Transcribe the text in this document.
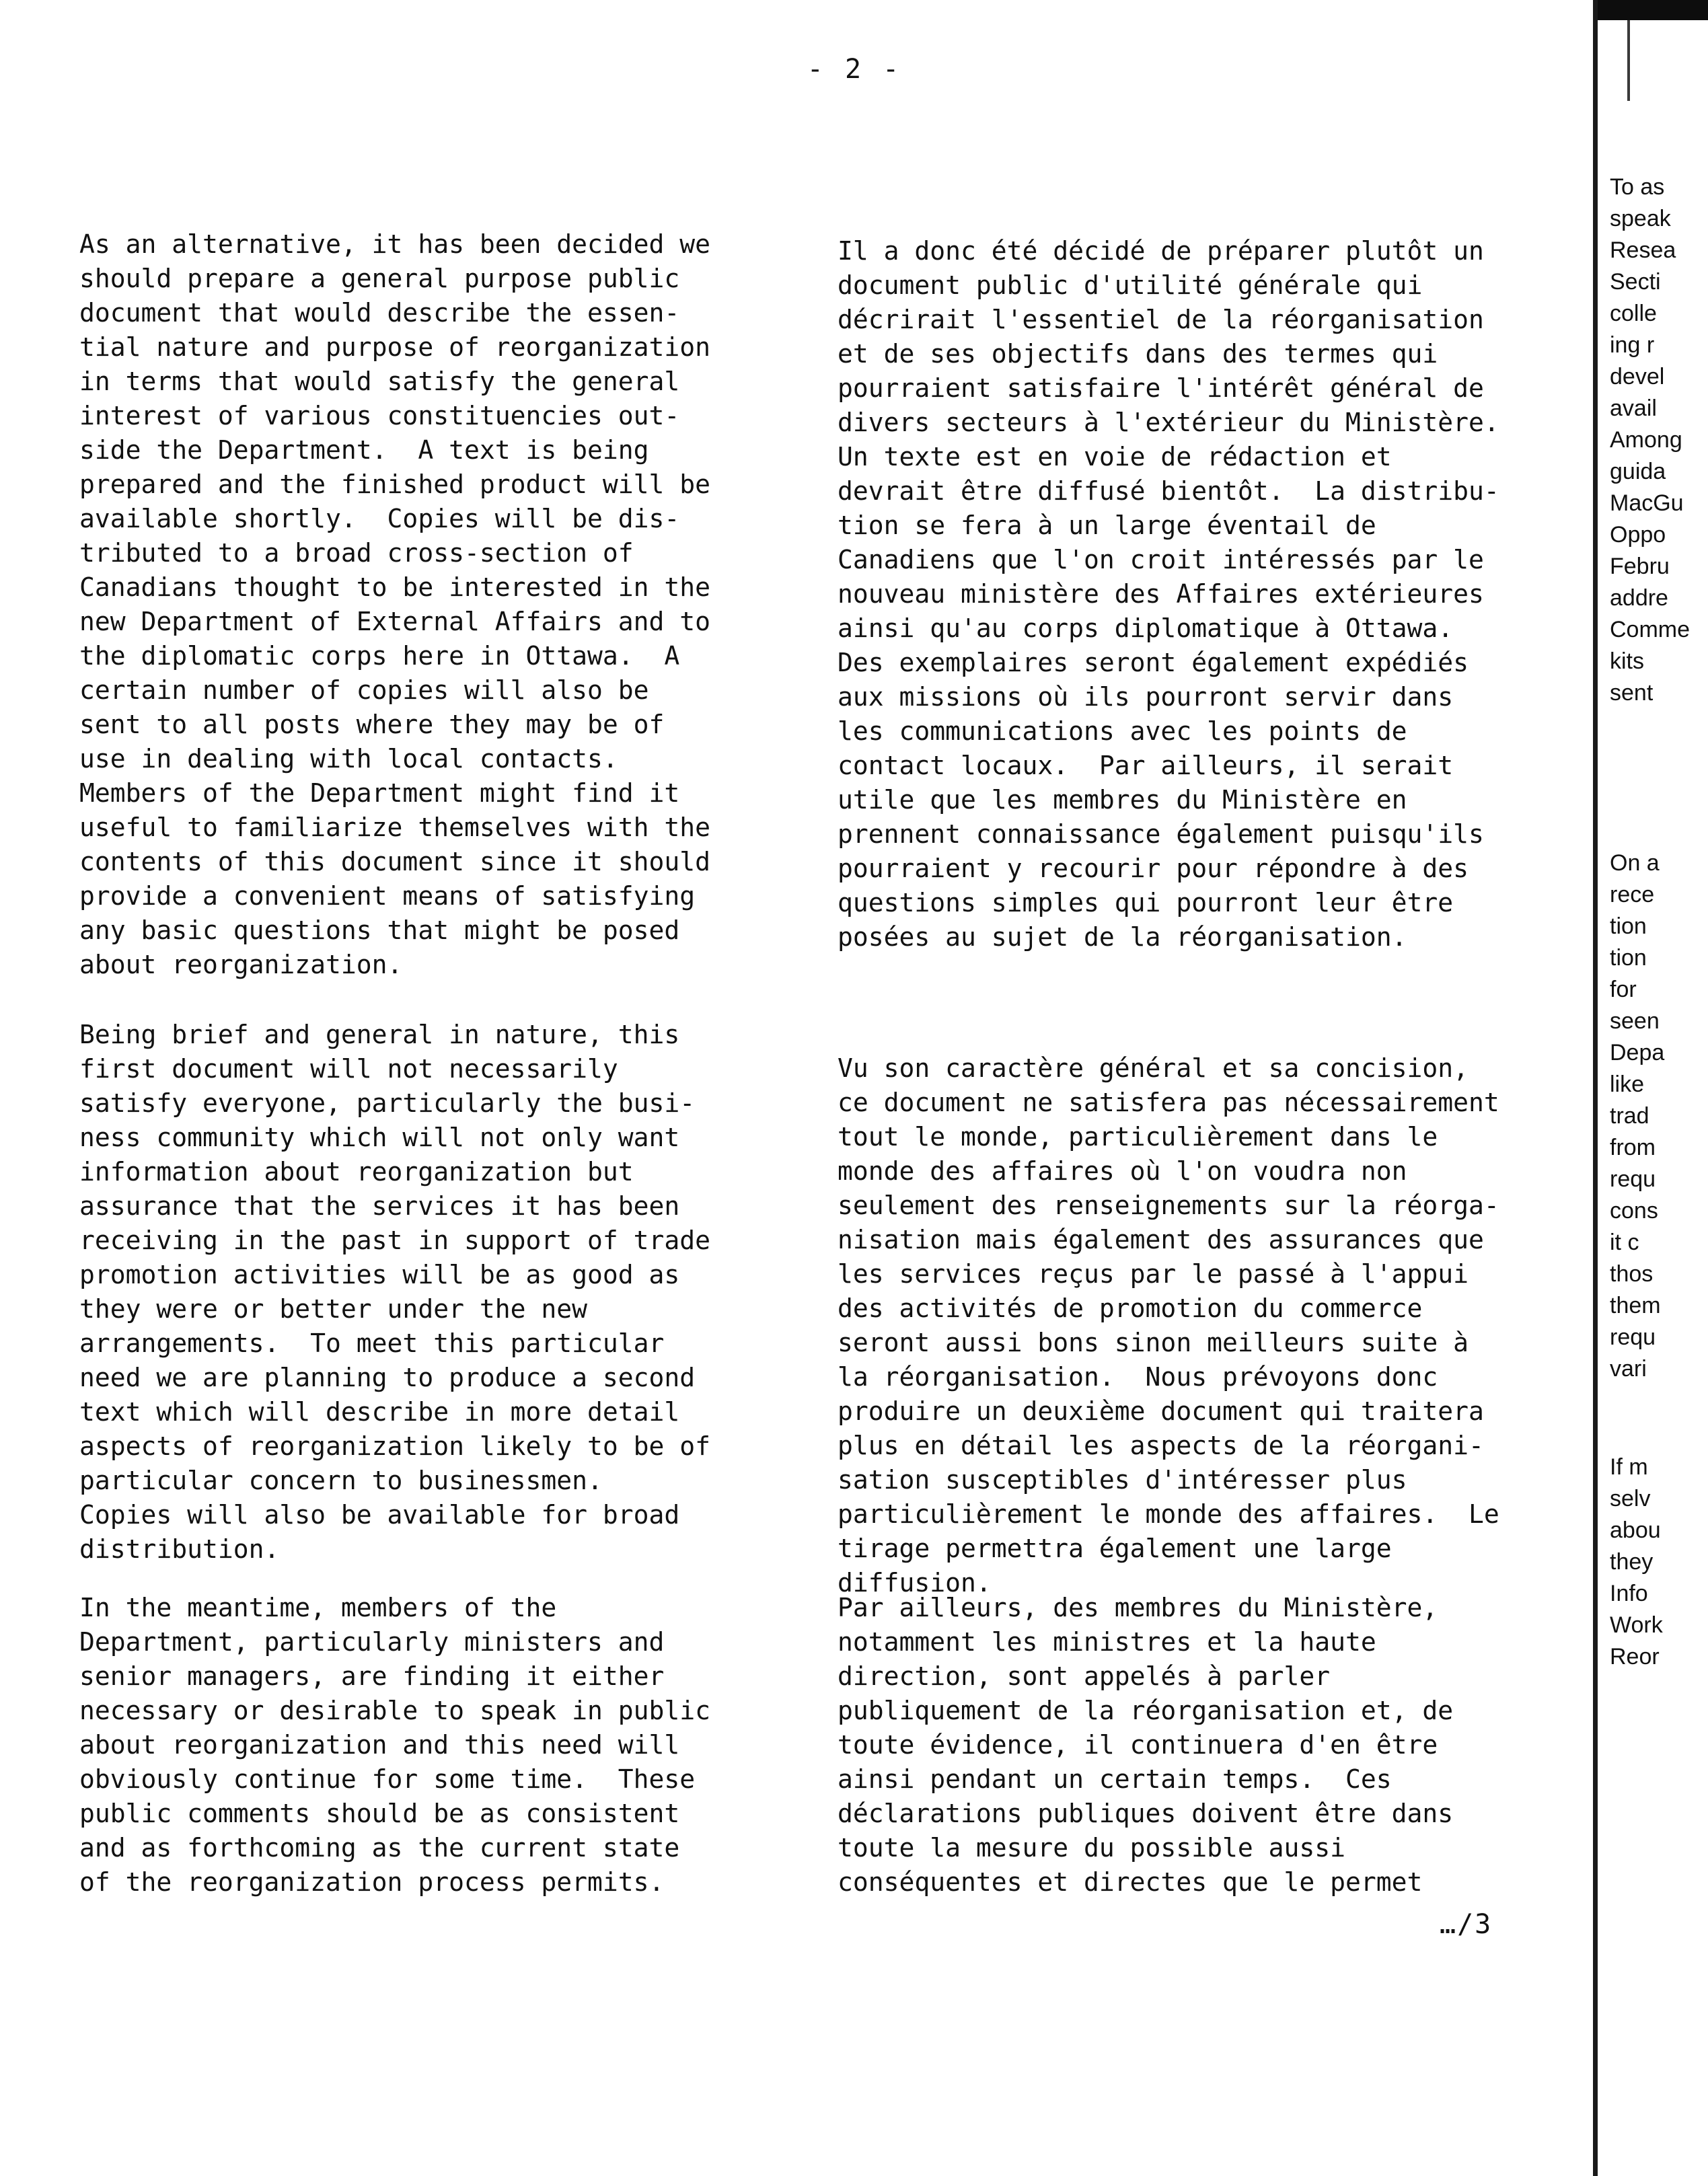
- 2 -

As an alternative, it has been decided we
should prepare a general purpose public
document that would describe the essen-
tial nature and purpose of reorganization
in terms that would satisfy the general
interest of various constituencies out-
side the Department.  A text is being
prepared and the finished product will be
available shortly.  Copies will be dis-
tributed to a broad cross-section of
Canadians thought to be interested in the
new Department of External Affairs and to
the diplomatic corps here in Ottawa.  A
certain number of copies will also be
sent to all posts where they may be of
use in dealing with local contacts.
Members of the Department might find it
useful to familiarize themselves with the
contents of this document since it should
provide a convenient means of satisfying
any basic questions that might be posed
about reorganization.

Being brief and general in nature, this
first document will not necessarily
satisfy everyone, particularly the busi-
ness community which will not only want
information about reorganization but
assurance that the services it has been
receiving in the past in support of trade
promotion activities will be as good as
they were or better under the new
arrangements.  To meet this particular
need we are planning to produce a second
text which will describe in more detail
aspects of reorganization likely to be of
particular concern to businessmen.
Copies will also be available for broad
distribution.

In the meantime, members of the
Department, particularly ministers and
senior managers, are finding it either
necessary or desirable to speak in public
about reorganization and this need will
obviously continue for some time.  These
public comments should be as consistent
and as forthcoming as the current state
of the reorganization process permits.

Il a donc été décidé de préparer plutôt un
document public d'utilité générale qui
décrirait l'essentiel de la réorganisation
et de ses objectifs dans des termes qui
pourraient satisfaire l'intérêt général de
divers secteurs à l'extérieur du Ministère.
Un texte est en voie de rédaction et
devrait être diffusé bientôt.  La distribu-
tion se fera à un large éventail de
Canadiens que l'on croit intéressés par le
nouveau ministère des Affaires extérieures
ainsi qu'au corps diplomatique à Ottawa.
Des exemplaires seront également expédiés
aux missions où ils pourront servir dans
les communications avec les points de
contact locaux.  Par ailleurs, il serait
utile que les membres du Ministère en
prennent connaissance également puisqu'ils
pourraient y recourir pour répondre à des
questions simples qui pourront leur être
posées au sujet de la réorganisation.

Vu son caractère général et sa concision,
ce document ne satisfera pas nécessairement
tout le monde, particulièrement dans le
monde des affaires où l'on voudra non
seulement des renseignements sur la réorga-
nisation mais également des assurances que
les services reçus par le passé à l'appui
des activités de promotion du commerce
seront aussi bons sinon meilleurs suite à
la réorganisation.  Nous prévoyons donc
produire un deuxième document qui traitera
plus en détail les aspects de la réorgani-
sation susceptibles d'intéresser plus
particulièrement le monde des affaires.  Le
tirage permettra également une large
diffusion.

Par ailleurs, des membres du Ministère,
notamment les ministres et la haute
direction, sont appelés à parler
publiquement de la réorganisation et, de
toute évidence, il continuera d'en être
ainsi pendant un certain temps.  Ces
déclarations publiques doivent être dans
toute la mesure du possible aussi
conséquentes et directes que le permet

…/3
To as
speak
Resea
Secti
colle
ing r
devel
avail
Among
guida
MacGu
Oppo
Febru
addre
Comme
kits
sent
On a
rece
tion
tion
for
seen
Depa
like
trad
from
requ
cons
it c
thos
them
requ
vari
If m
selv
abou
they
Info
Work
Reor
